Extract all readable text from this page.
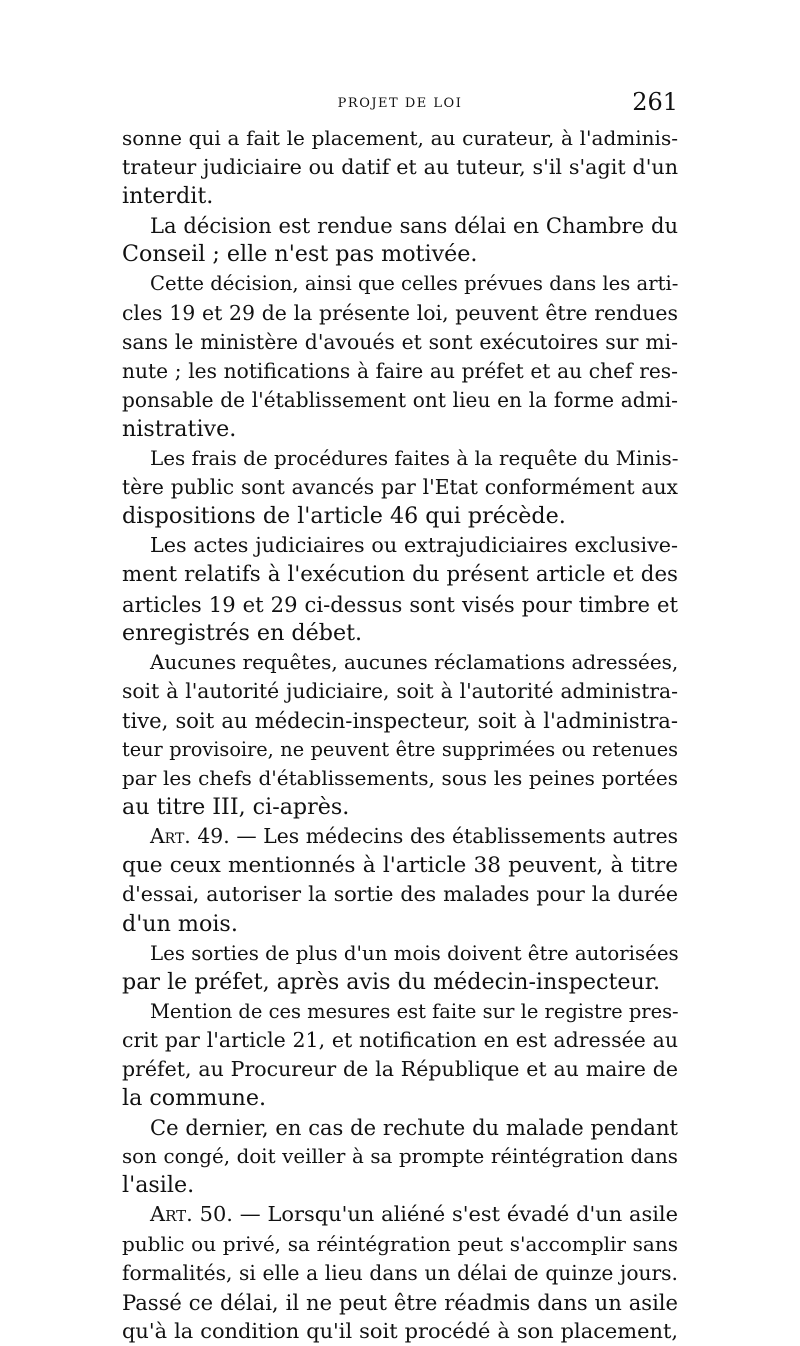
PROJET DE LOI	261
sonne qui a fait le placement, au curateur, à l'adminis-
trateur judiciaire ou datif et au tuteur, s'il s'agit d'un
interdit.
La décision est rendue sans délai en Chambre du
Conseil ; elle n'est pas motivée.
Cette décision, ainsi que celles prévues dans les arti-
cles 19 et 29 de la présente loi, peuvent être rendues
sans le ministère d'avoués et sont exécutoires sur mi-
nute ; les notifications à faire au préfet et au chef res-
ponsable de l'établissement ont lieu en la forme admi-
nistrative.
Les frais de procédures faites à la requête du Minis-
tère public sont avancés par l'Etat conformément aux
dispositions de l'article 46 qui précède.
Les actes judiciaires ou extrajudiciaires exclusive-
ment relatifs à l'exécution du présent article et des
articles 19 et 29 ci-dessus sont visés pour timbre et
enregistrés en débet.
Aucunes requêtes, aucunes réclamations adressées,
soit à l'autorité judiciaire, soit à l'autorité administra-
tive, soit au médecin-inspecteur, soit à l'administra-
teur provisoire, ne peuvent être supprimées ou retenues
par les chefs d'établissements, sous les peines portées
au titre III, ci-après.
Art. 49. — Les médecins des établissements autres
que ceux mentionnés à l'article 38 peuvent, à titre
d'essai, autoriser la sortie des malades pour la durée
d'un mois.
Les sorties de plus d'un mois doivent être autorisées
par le préfet, après avis du médecin-inspecteur.
Mention de ces mesures est faite sur le registre pres-
crit par l'article 21, et notification en est adressée au
préfet, au Procureur de la République et au maire de
la commune.
Ce dernier, en cas de rechute du malade pendant
son congé, doit veiller à sa prompte réintégration dans
l'asile.
Art. 50. — Lorsqu'un aliéné s'est évadé d'un asile
public ou privé, sa réintégration peut s'accomplir sans
formalités, si elle a lieu dans un délai de quinze jours.
Passé ce délai, il ne peut être réadmis dans un asile
qu'à la condition qu'il soit procédé à son placement,
